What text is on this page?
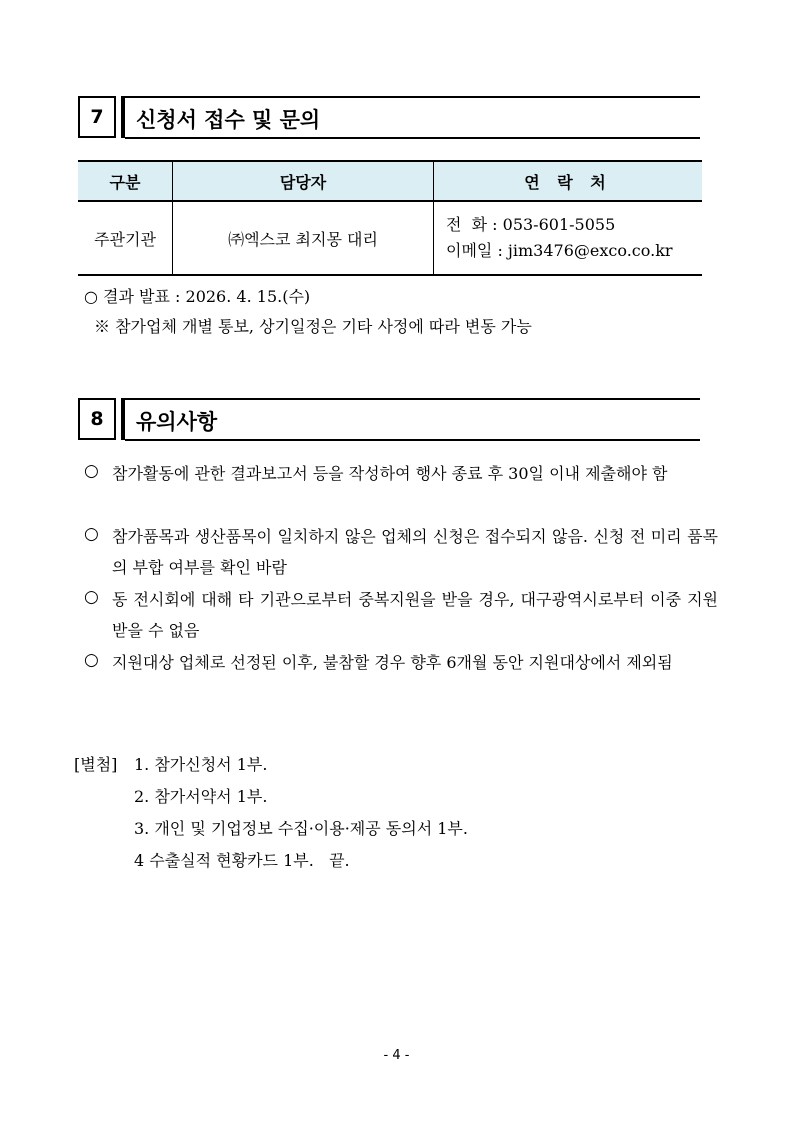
7	신청서 접수 및 문의
구분	담당자	연 락 처
주관기관	㈜엑스코 최지몽 대리	전  화 : 053-601-5055
이메일 : jim3476@exco.co.kr
○ 결과 발표 : 2026. 4. 15.(수)
※ 참가업체 개별 통보, 상기일정은 기타 사정에 따라 변동 가능
8	유의사항
○ 참가활동에 관한 결과보고서 등을 작성하여 행사 종료 후 30일 이내 제출해야 함
○ 참가품목과 생산품목이 일치하지 않은 업체의 신청은 접수되지 않음. 신청 전 미리 품목의 부합 여부를 확인 바람
○ 동 전시회에 대해 타 기관으로부터 중복지원을 받을 경우, 대구광역시로부터 이중 지원받을 수 없음
○ 지원대상 업체로 선정된 이후, 불참할 경우 향후 6개월 동안 지원대상에서 제외됨
[별첨] 1. 참가신청서 1부.
2. 참가서약서 1부.
3. 개인 및 기업정보 수집·이용·제공 동의서 1부.
4 수출실적 현황카드 1부.   끝.
- 4 -
